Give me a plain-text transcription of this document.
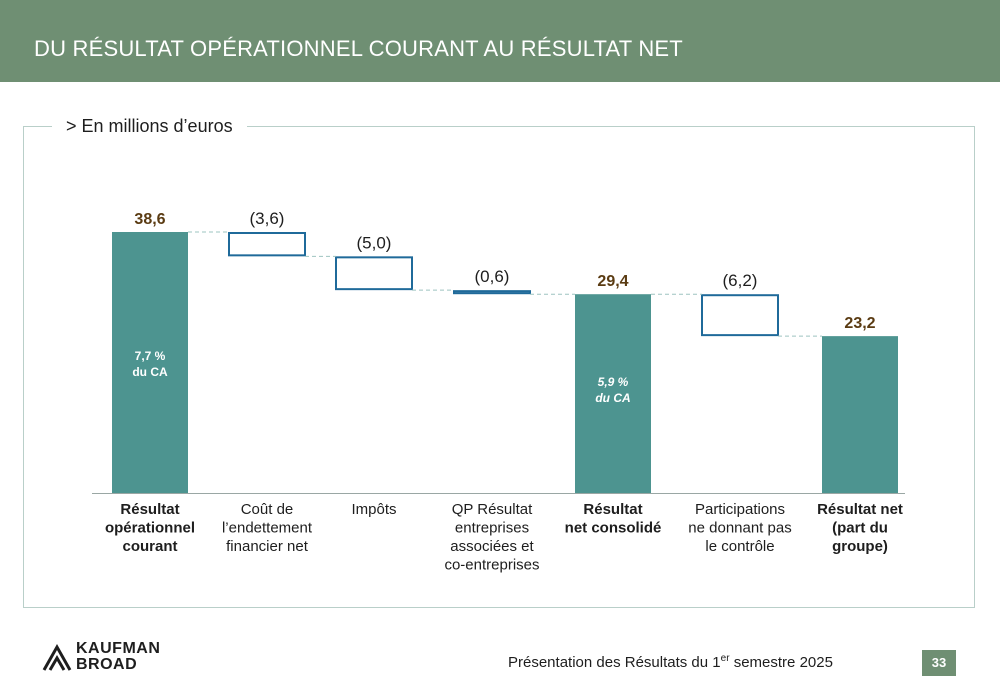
DU RÉSULTAT OPÉRATIONNEL COURANT AU RÉSULTAT NET
> En millions d’euros
38,6
7,7 %
du CA
Résultat
opérationnel
courant
(3,6)
Coût de
l’endettement
financier net
(5,0)
Impôts
(0,6)
QP Résultat
entreprises
associées et
co-entreprises
29,4
5,9 %
du CA
Résultat
net consolidé
(6,2)
Participations
ne donnant pas
le contrôle
23,2
Résultat net
(part du
groupe)
KAUFMAN
BROAD	Présentation des Résultats du 1er semestre 2025	33
